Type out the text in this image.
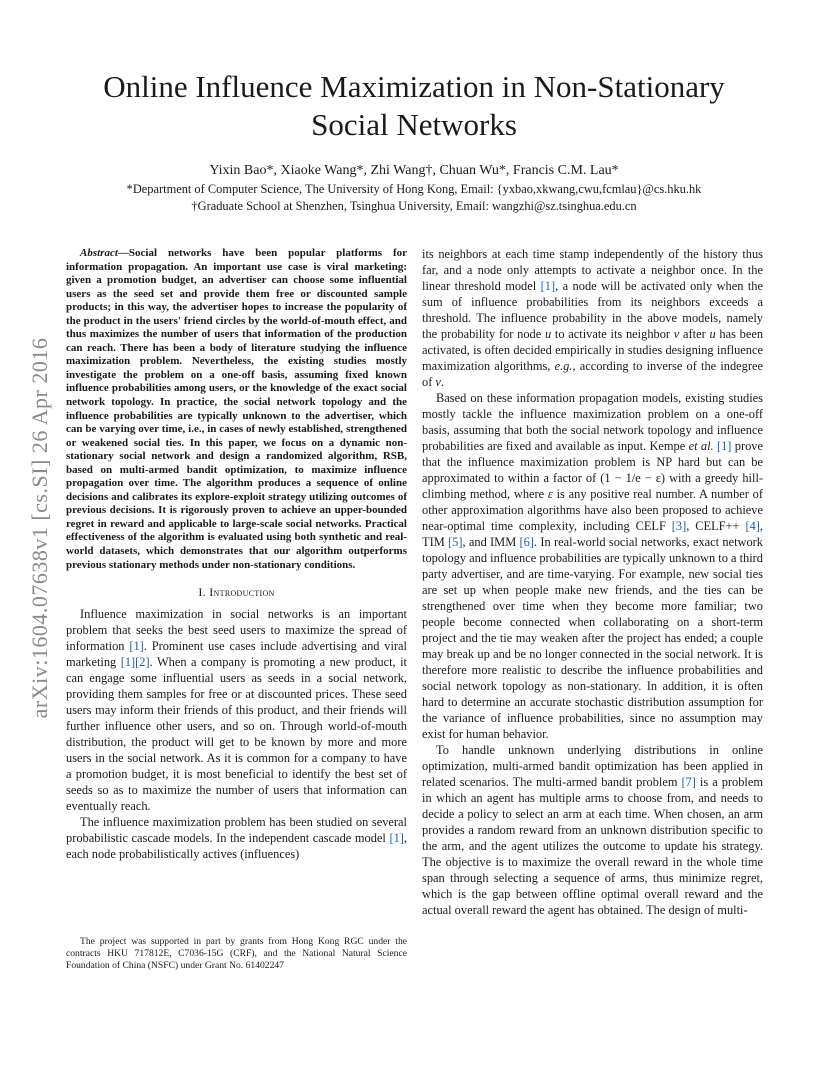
arXiv:1604.07638v1 [cs.SI] 26 Apr 2016
Online Influence Maximization in Non-Stationary
Social Networks
Yixin Bao*, Xiaoke Wang*, Zhi Wang†, Chuan Wu*, Francis C.M. Lau*
*Department of Computer Science, The University of Hong Kong, Email: {yxbao,xkwang,cwu,fcmlau}@cs.hku.hk
†Graduate School at Shenzhen, Tsinghua University, Email: wangzhi@sz.tsinghua.edu.cn

Abstract—Social networks have been popular platforms for information propagation. An important use case is viral marketing: given a promotion budget, an advertiser can choose some influential users as the seed set and provide them free or discounted sample products; in this way, the advertiser hopes to increase the popularity of the product in the users' friend circles by the world-of-mouth effect, and thus maximizes the number of users that information of the production can reach. There has been a body of literature studying the influence maximization problem. Nevertheless, the existing studies mostly investigate the problem on a one-off basis, assuming fixed known influence probabilities among users, or the knowledge of the exact social network topology. In practice, the social network topology and the influence probabilities are typically unknown to the advertiser, which can be varying over time, i.e., in cases of newly established, strengthened or weakened social ties. In this paper, we focus on a dynamic non-stationary social network and design a randomized algorithm, RSB, based on multi-armed bandit optimization, to maximize influence propagation over time. The algorithm produces a sequence of online decisions and calibrates its explore-exploit strategy utilizing outcomes of previous decisions. It is rigorously proven to achieve an upper-bounded regret in reward and applicable to large-scale social networks. Practical effectiveness of the algorithm is evaluated using both synthetic and real-world datasets, which demonstrates that our algorithm outperforms previous stationary methods under non-stationary conditions.

I. Introduction

Influence maximization in social networks is an important problem that seeks the best seed users to maximize the spread of information [1]. Prominent use cases include advertising and viral marketing [1][2]. When a company is promoting a new product, it can engage some influential users as seeds in a social network, providing them samples for free or at discounted prices. These seed users may inform their friends of this product, and their friends will further influence other users, and so on. Through world-of-mouth distribution, the product will get to be known by more and more users in the social network. As it is common for a company to have a promotion budget, it is most beneficial to identify the best set of seeds so as to maximize the number of users that information can eventually reach.

The influence maximization problem has been studied on several probabilistic cascade models. In the independent cascade model [1], each node probabilistically actives (influences)

The project was supported in part by grants from Hong Kong RGC under the contracts HKU 717812E, C7036-15G (CRF), and the National Natural Science Foundation of China (NSFC) under Grant No. 61402247

its neighbors at each time stamp independently of the history thus far, and a node only attempts to activate a neighbor once. In the linear threshold model [1], a node will be activated only when the sum of influence probabilities from its neighbors exceeds a threshold. The influence probability in the above models, namely the probability for node u to activate its neighbor v after u has been activated, is often decided empirically in studies designing influence maximization algorithms, e.g., according to inverse of the indegree of v.

Based on these information propagation models, existing studies mostly tackle the influence maximization problem on a one-off basis, assuming that both the social network topology and influence probabilities are fixed and available as input. Kempe et al. [1] prove that the influence maximization problem is NP hard but can be approximated to within a factor of (1 − 1/e − ε) with a greedy hill-climbing method, where ε is any positive real number. A number of other approximation algorithms have also been proposed to achieve near-optimal time complexity, including CELF [3], CELF++ [4], TIM [5], and IMM [6]. In real-world social networks, exact network topology and influence probabilities are typically unknown to a third party advertiser, and are time-varying. For example, new social ties are set up when people make new friends, and the ties can be strengthened over time when they become more familiar; two people become connected when collaborating on a short-term project and the tie may weaken after the project has ended; a couple may break up and be no longer connected in the social network. It is therefore more realistic to describe the influence probabilities and social network topology as non-stationary. In addition, it is often hard to determine an accurate stochastic distribution assumption for the variance of influence probabilities, since no assumption may exist for human behavior.

To handle unknown underlying distributions in online optimization, multi-armed bandit optimization has been applied in related scenarios. The multi-armed bandit problem [7] is a problem in which an agent has multiple arms to choose from, and needs to decide a policy to select an arm at each time. When chosen, an arm provides a random reward from an unknown distribution specific to the arm, and the agent utilizes the outcome to update his strategy. The objective is to maximize the overall reward in the whole time span through selecting a sequence of arms, thus minimize regret, which is the gap between offline optimal overall reward and the actual overall reward the agent has obtained. The design of multi-
